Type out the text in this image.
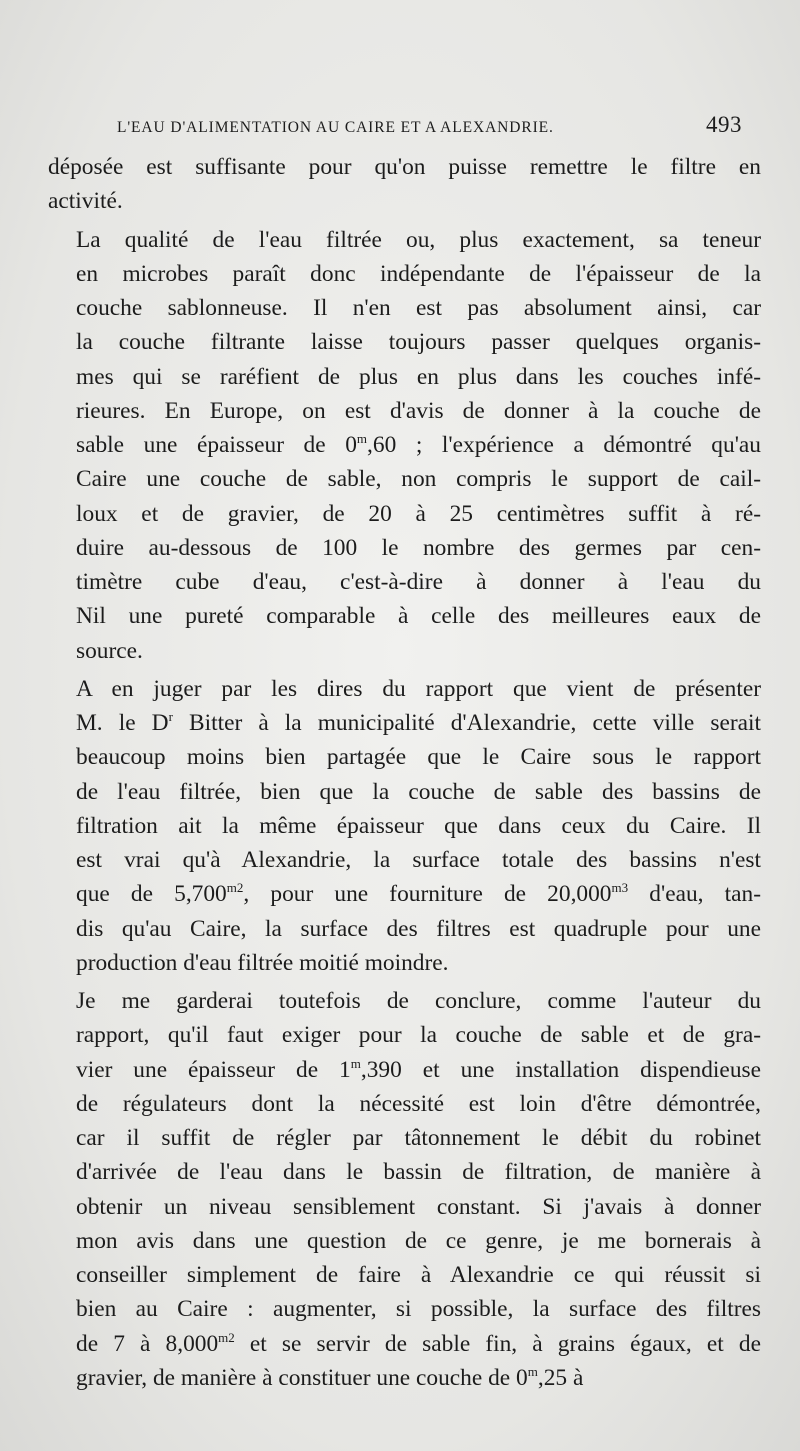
L'EAU D'ALIMENTATION AU CAIRE ET A ALEXANDRIE.	493
déposée est suffisante pour qu'on puisse remettre le filtre en
activité.
La qualité de l'eau filtrée ou, plus exactement, sa teneur
en microbes paraît donc indépendante de l'épaisseur de la
couche sablonneuse. Il n'en est pas absolument ainsi, car
la couche filtrante laisse toujours passer quelques organis-
mes qui se raréfient de plus en plus dans les couches infé-
rieures. En Europe, on est d'avis de donner à la couche de
sable une épaisseur de 0$^m$,60 ; l'expérience a démontré qu'au
Caire une couche de sable, non compris le support de cail-
loux et de gravier, de 20 à 25 centimètres suffit à ré-
duire au-dessous de 100 le nombre des germes par cen-
timètre cube d'eau, c'est-à-dire à donner à l'eau du
Nil une pureté comparable à celle des meilleures eaux de
source.
A en juger par les dires du rapport que vient de présenter
M. le $D^r$ Bitter à la municipalité d'Alexandrie, cette ville serait
beaucoup moins bien partagée que le Caire sous le rapport
de l'eau filtrée, bien que la couche de sable des bassins de
filtration ait la même épaisseur que dans ceux du Caire. Il
est vrai qu'à Alexandrie, la surface totale des bassins n'est
que de $5,700^{m2}$, pour une fourniture de $20,000^{m3}$ d'eau, tan-
dis qu'au Caire, la surface des filtres est quadruple pour une
production d'eau filtrée moitié moindre.
Je me garderai toutefois de conclure, comme l'auteur du
rapport, qu'il faut exiger pour la couche de sable et de gra-
vier une épaisseur de 1$^m$,390 et une installation dispendieuse
de régulateurs dont la nécessité est loin d'être démontrée,
car il suffit de régler par tâtonnement le débit du robinet
d'arrivée de l'eau dans le bassin de filtration, de manière à
obtenir un niveau sensiblement constant. Si j'avais à donner
mon avis dans une question de ce genre, je me bornerais à
conseiller simplement de faire à Alexandrie ce qui réussit si
bien au Caire : augmenter, si possible, la surface des filtres
de 7 à $8,000^{m2}$ et se servir de sable fin, à grains égaux, et de
gravier, de manière à constituer une couche de 0$^m$,25 à
